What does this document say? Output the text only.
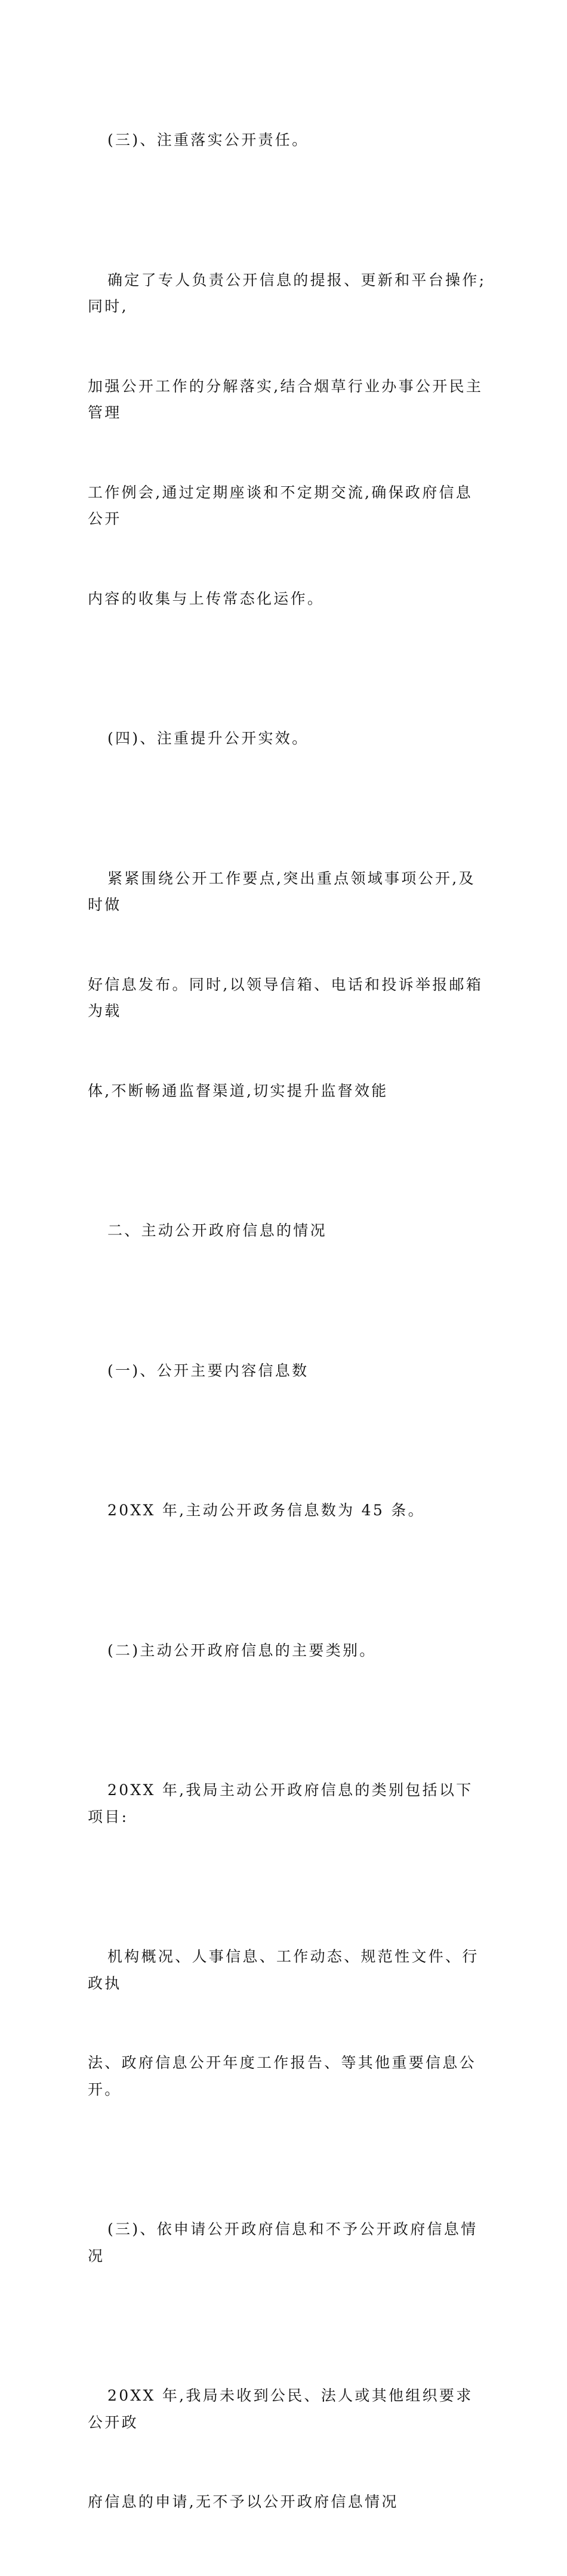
(三)、注重落实公开责任。

确定了专人负责公开信息的提报、更新和平台操作;同时,

加强公开工作的分解落实,结合烟草行业办事公开民主管理

工作例会,通过定期座谈和不定期交流,确保政府信息公开

内容的收集与上传常态化运作。

(四)、注重提升公开实效。

紧紧围绕公开工作要点,突出重点领域事项公开,及时做

好信息发布。同时,以领导信箱、电话和投诉举报邮箱为载

体,不断畅通监督渠道,切实提升监督效能

二、主动公开政府信息的情况

(一)、公开主要内容信息数

20XX 年,主动公开政务信息数为 45 条。

(二)主动公开政府信息的主要类别。

20XX 年,我局主动公开政府信息的类别包括以下项目:

机构概况、人事信息、工作动态、规范性文件、行政执

法、政府信息公开年度工作报告、等其他重要信息公开。

(三)、依申请公开政府信息和不予公开政府信息情况

20XX 年,我局未收到公民、法人或其他组织要求公开政

府信息的申请,无不予以公开政府信息情况
